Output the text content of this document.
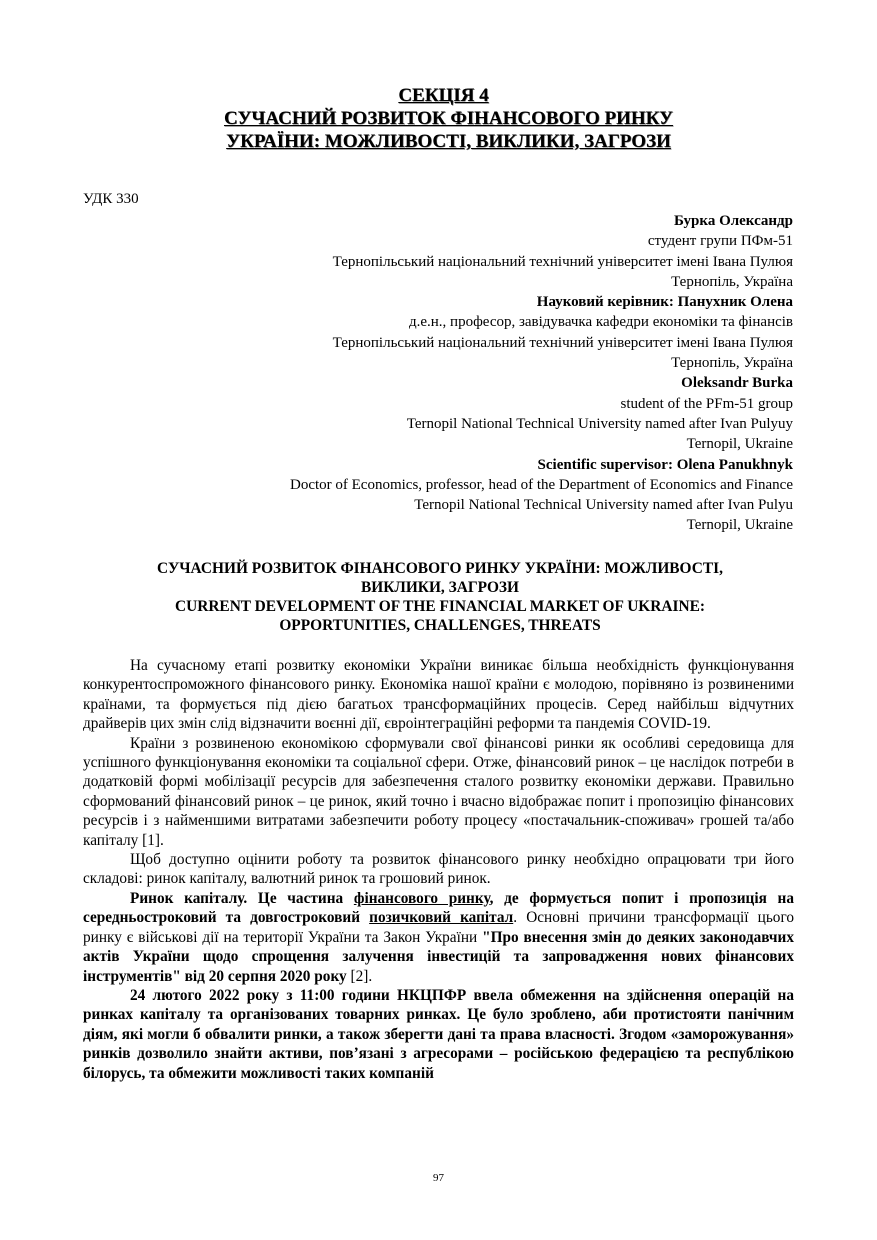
СЕКЦІЯ 4
СУЧАСНИЙ РОЗВИТОК ФІНАНСОВОГО РИНКУ
УКРАЇНИ: МОЖЛИВОСТІ, ВИКЛИКИ, ЗАГРОЗИ
УДК 330
Бурка Олександр
студент групи ПФм-51
Тернопільський національний технічний університет імені Івана Пулюя
Тернопіль, Україна
Науковий керівник: Панухник Олена
д.е.н., професор, завідувачка кафедри економіки та фінансів
Тернопільський національний технічний університет імені Івана Пулюя
Тернопіль, Україна
Oleksandr Burka
student of the PFm-51 group
Ternopil National Technical University named after Ivan Pulyuy
Ternopil, Ukraine
Scientific supervisor: Olena Panukhnyk
Doctor of Economics, professor, head of the Department of Economics and Finance
Ternopil National Technical University named after Ivan Pulyu
Ternopil, Ukraine
СУЧАСНИЙ РОЗВИТОК ФІНАНСОВОГО РИНКУ УКРАЇНИ: МОЖЛИВОСТІ,
ВИКЛИКИ, ЗАГРОЗИ
CURRENT DEVELOPMENT OF THE FINANCIAL MARKET OF UKRAINE:
OPPORTUNITIES, CHALLENGES, THREATS

На сучасному етапі розвитку економіки України виникає більша необхідність функціонування конкурентоспроможного фінансового ринку. Економіка нашої країни є молодою, порівняно із розвиненими країнами, та формується під дією багатьох трансформаційних процесів. Серед найбільш відчутних драйверів цих змін слід відзначити воєнні дії, євроінтеграційні реформи та пандемія COVID-19.

Країни з розвиненою економікою сформували свої фінансові ринки як особливі середовища для успішного функціонування економіки та соціальної сфери. Отже, фінансовий ринок – це наслідок потреби в додатковій формі мобілізації ресурсів для забезпечення сталого розвитку економіки держави. Правильно сформований фінансовий ринок – це ринок, який точно і вчасно відображає попит і пропозицію фінансових ресурсів і з найменшими витратами забезпечити роботу процесу «постачальник-споживач» грошей та/або капіталу [1].

Щоб доступно оцінити роботу та розвиток фінансового ринку необхідно опрацювати три його складові: ринок капіталу, валютний ринок та грошовий ринок.

Ринок капіталу. Це частина фінансового ринку, де формується попит і пропозиція на середньостроковий та довгостроковий позичковий капітал. Основні причини трансформації цього ринку є військові дії на території України та Закон України "Про внесення змін до деяких законодавчих актів України щодо спрощення залучення інвестицій та запровадження нових фінансових інструментів" від 20 серпня 2020 року [2].

24 лютого 2022 року з 11:00 години НКЦПФР ввела обмеження на здійснення операцій на ринках капіталу та організованих товарних ринках. Це було зроблено, аби протистояти панічним діям, які могли б обвалити ринки, а також зберегти дані та права власності. Згодом «заморожування» ринків дозволило знайти активи, пов’язані з агресорами – російською федерацією та республікою білорусь, та обмежити можливості таких компаній

97
